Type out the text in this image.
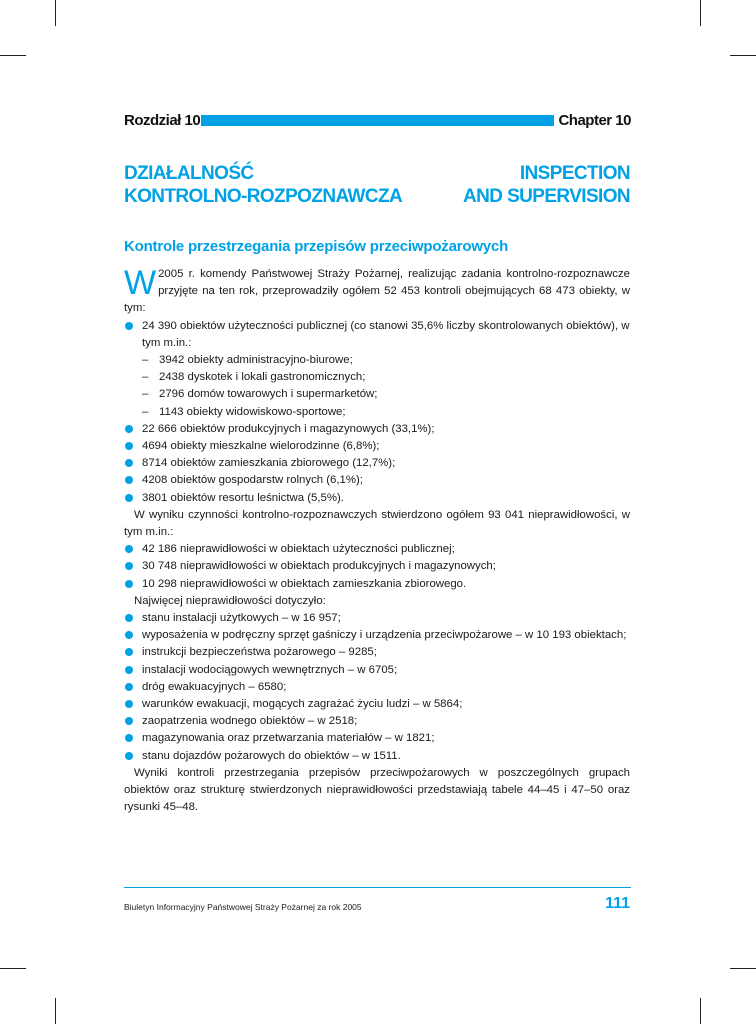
Rozdział 10	Chapter 10
DZIAŁALNOŚĆ
KONTROLNO-ROZPOZNAWCZA
INSPECTION
AND SUPERVISION
Kontrole przestrzegania przepisów przeciwpożarowych

W 2005 r. komendy Państwowej Straży Pożarnej, realizując zadania kontrolno-rozpoznawcze przyjęte na ten rok, przeprowadziły ogółem 52 453 kontroli obejmujących 68 473 obiekty, w tym:

24 390 obiektów użyteczności publicznej (co stanowi 35,6% liczby skontrolowanych obiektów), w tym m.in.:

– 3942 obiekty administracyjno-biurowe;

– 2438 dyskotek i lokali gastronomicznych;

– 2796 domów towarowych i supermarketów;

– 1143 obiekty widowiskowo-sportowe;

22 666 obiektów produkcyjnych i magazynowych (33,1%);

4694 obiekty mieszkalne wielorodzinne (6,8%);

8714 obiektów zamieszkania zbiorowego (12,7%);

4208 obiektów gospodarstw rolnych (6,1%);

3801 obiektów resortu leśnictwa (5,5%).

W wyniku czynności kontrolno-rozpoznawczych stwierdzono ogółem 93 041 nieprawidłowości, w tym m.in.:

42 186 nieprawidłowości w obiektach użyteczności publicznej;

30 748 nieprawidłowości w obiektach produkcyjnych i magazynowych;

10 298 nieprawidłowości w obiektach zamieszkania zbiorowego.

Najwięcej nieprawidłowości dotyczyło:

stanu instalacji użytkowych – w 16 957;

wyposażenia w podręczny sprzęt gaśniczy i urządzenia przeciwpożarowe – w 10 193 obiektach;

instrukcji bezpieczeństwa pożarowego – 9285;

instalacji wodociągowych wewnętrznych – w 6705;

dróg ewakuacyjnych – 6580;

warunków ewakuacji, mogących zagrażać życiu ludzi – w 5864;

zaopatrzenia wodnego obiektów – w 2518;

magazynowania oraz przetwarzania materiałów – w 1821;

stanu dojazdów pożarowych do obiektów – w 1511.

Wyniki kontroli przestrzegania przepisów przeciwpożarowych w poszczególnych grupach obiektów oraz strukturę stwierdzonych nieprawidłowości przedstawiają tabele 44–45 i 47–50 oraz rysunki 45–48.

Biuletyn Informacyjny Państwowej Straży Pożarnej za rok 2005	111
